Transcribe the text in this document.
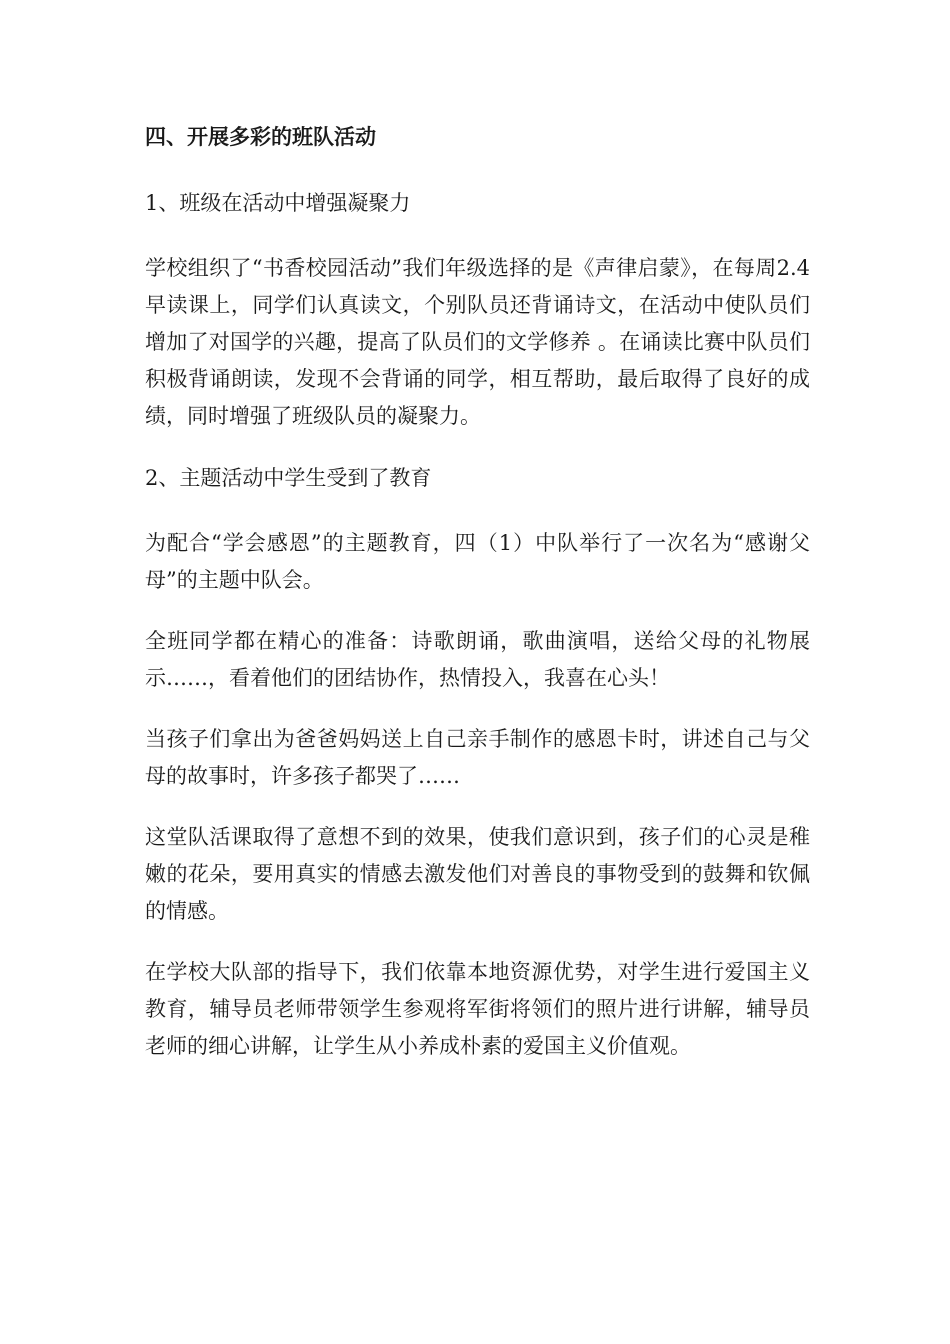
四、开展多彩的班队活动
1、班级在活动中增强凝聚力

学校组织了“书香校园活动”我们年级选择的是《声律启蒙》，在每周2.4早读课上，同学们认真读文，个别队员还背诵诗文，在活动中使队员们增加了对国学的兴趣，提高了队员们的文学修养 。在诵读比赛中队员们积极背诵朗读，发现不会背诵的同学，相互帮助，最后取得了良好的成绩，同时增强了班级队员的凝聚力。

2、主题活动中学生受到了教育

为配合“学会感恩”的主题教育，四（1）中队举行了一次名为“感谢父母”的主题中队会。

全班同学都在精心的准备：诗歌朗诵，歌曲演唱，送给父母的礼物展示……，看着他们的团结协作，热情投入，我喜在心头！

当孩子们拿出为爸爸妈妈送上自己亲手制作的感恩卡时，讲述自己与父母的故事时，许多孩子都哭了……

这堂队活课取得了意想不到的效果，使我们意识到，孩子们的心灵是稚嫩的花朵，要用真实的情感去激发他们对善良的事物受到的鼓舞和钦佩的情感。

在学校大队部的指导下，我们依靠本地资源优势，对学生进行爱国主义教育，辅导员老师带领学生参观将军街将领们的照片进行讲解，辅导员老师的细心讲解，让学生从小养成朴素的爱国主义价值观。
